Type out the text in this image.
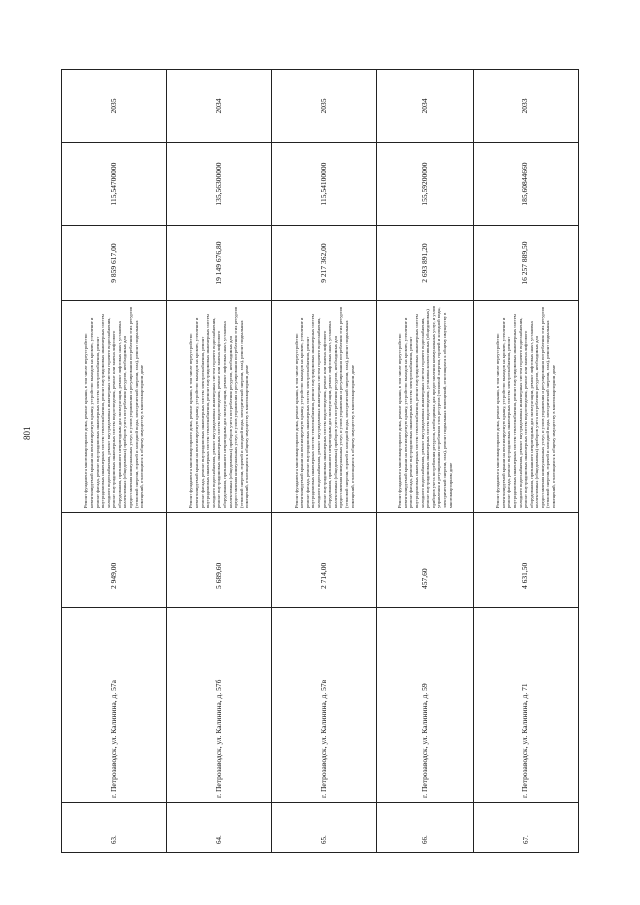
801
63.	г. Петрозаводск, ул. Калинина, д. 57а	2 949,00	Ремонт фундамента многоквартирного дома, ремонт крыши, в том числе переустройство невентилируемой крыши на вентилируемую крышу, устройство выходов на кровлю, утепление и ремонт фасада, ремонт внутридомовых инженерных систем электроснабжения, ремонт внутридомовых инженерных систем теплоснабжения, ремонт внутридомовых инженерных систем холодного водоснабжения, ремонт внутридомовых инженерных систем горячего водоснабжения, ремонт внутридомовых инженерных систем водоотведения, ремонт или замена лифтового оборудования, признанного непригодным для эксплуатации, ремонт лифтовых шахт, установка коллективных (общедомовых) приборов учета потребления ресурсов, необходимых для предоставления коммунальных услуг, и узлов управления и регулирования потребления этих ресурсов (тепловой энергии, горячей и холодной воды, электрической энергии, газа), ремонт подвальных помещений, относящихся к общему имуществу в многоквартирном доме	9 859 617,00	115,54700000	2035
64.	г. Петрозаводск, ул. Калинина, д. 57б	5 689,60	Ремонт фундамента многоквартирного дома, ремонт крыши, в том числе переустройство невентилируемой крыши на вентилируемую крышу, устройство выходов на кровлю, утепление и ремонт фасада, ремонт внутридомовых инженерных систем электроснабжения, ремонт внутридомовых инженерных систем теплоснабжения, ремонт внутридомовых инженерных систем холодного водоснабжения, ремонт внутридомовых инженерных систем горячего водоснабжения, ремонт внутридомовых инженерных систем водоотведения, ремонт или замена лифтового оборудования, признанного непригодным для эксплуатации, ремонт лифтовых шахт, установка коллективных (общедомовых) приборов учета потребления ресурсов, необходимых для предоставления коммунальных услуг, и узлов управления и регулирования потребления этих ресурсов (тепловой энергии, горячей и холодной воды, электрической энергии, газа), ремонт подвальных помещений, относящихся к общему имуществу в многоквартирном доме	19 149 676,80	135,56300000	2034
65.	г. Петрозаводск, ул. Калинина, д. 57в	2 714,00	Ремонт фундамента многоквартирного дома, ремонт крыши, в том числе переустройство невентилируемой крыши на вентилируемую крышу, устройство выходов на кровлю, утепление и ремонт фасада, ремонт внутридомовых инженерных систем электроснабжения, ремонт внутридомовых инженерных систем теплоснабжения, ремонт внутридомовых инженерных систем холодного водоснабжения, ремонт внутридомовых инженерных систем горячего водоснабжения, ремонт внутридомовых инженерных систем водоотведения, ремонт или замена лифтового оборудования, признанного непригодным для эксплуатации, ремонт лифтовых шахт, установка коллективных (общедомовых) приборов учета потребления ресурсов, необходимых для предоставления коммунальных услуг, и узлов управления и регулирования потребления этих ресурсов (тепловой энергии, горячей и холодной воды, электрической энергии, газа), ремонт подвальных помещений, относящихся к общему имуществу в многоквартирном доме	9 217 362,00	115,54100000	2035
66.	г. Петрозаводск, ул. Калинина, д. 59	457,60	Ремонт фундамента многоквартирного дома, ремонт крыши, в том числе переустройство невентилируемой крыши на вентилируемую крышу, устройство выходов на кровлю, утепление и ремонт фасада, ремонт внутридомовых инженерных систем электроснабжения, ремонт внутридомовых инженерных систем теплоснабжения, ремонт внутридомовых инженерных систем холодного водоснабжения, ремонт внутридомовых инженерных систем горячего водоснабжения, ремонт внутридомовых инженерных систем водоотведения, установка коллективных (общедомовых) приборов учета потребления ресурсов, необходимых для предоставления коммунальных услуг, и узлов управления и регулирования потребления этих ресурсов (тепловой энергии, горячей и холодной воды, электрической энергии, газа), ремонт подвальных помещений, относящихся к общему имуществу в многоквартирном доме	2 693 891,20	155,59200000	2034
67.	г. Петрозаводск, ул. Калинина, д. 71	4 631,50	Ремонт фундамента многоквартирного дома, ремонт крыши, в том числе переустройство невентилируемой крыши на вентилируемую крышу, устройство выходов на кровлю, утепление и ремонт фасада, ремонт внутридомовых инженерных систем электроснабжения, ремонт внутридомовых инженерных систем теплоснабжения, ремонт внутридомовых инженерных систем холодного водоснабжения, ремонт внутридомовых инженерных систем горячего водоснабжения, ремонт внутридомовых инженерных систем водоотведения, ремонт или замена лифтового оборудования, признанного непригодным для эксплуатации, ремонт лифтовых шахт, установка коллективных (общедомовых) приборов учета потребления ресурсов, необходимых для предоставления коммунальных услуг, и узлов управления и регулирования потребления этих ресурсов (тепловой энергии, горячей и холодной воды, электрической энергии, газа), ремонт подвальных помещений, относящихся к общему имуществу в многоквартирном доме	16 257 889,50	185,60844660	2033
